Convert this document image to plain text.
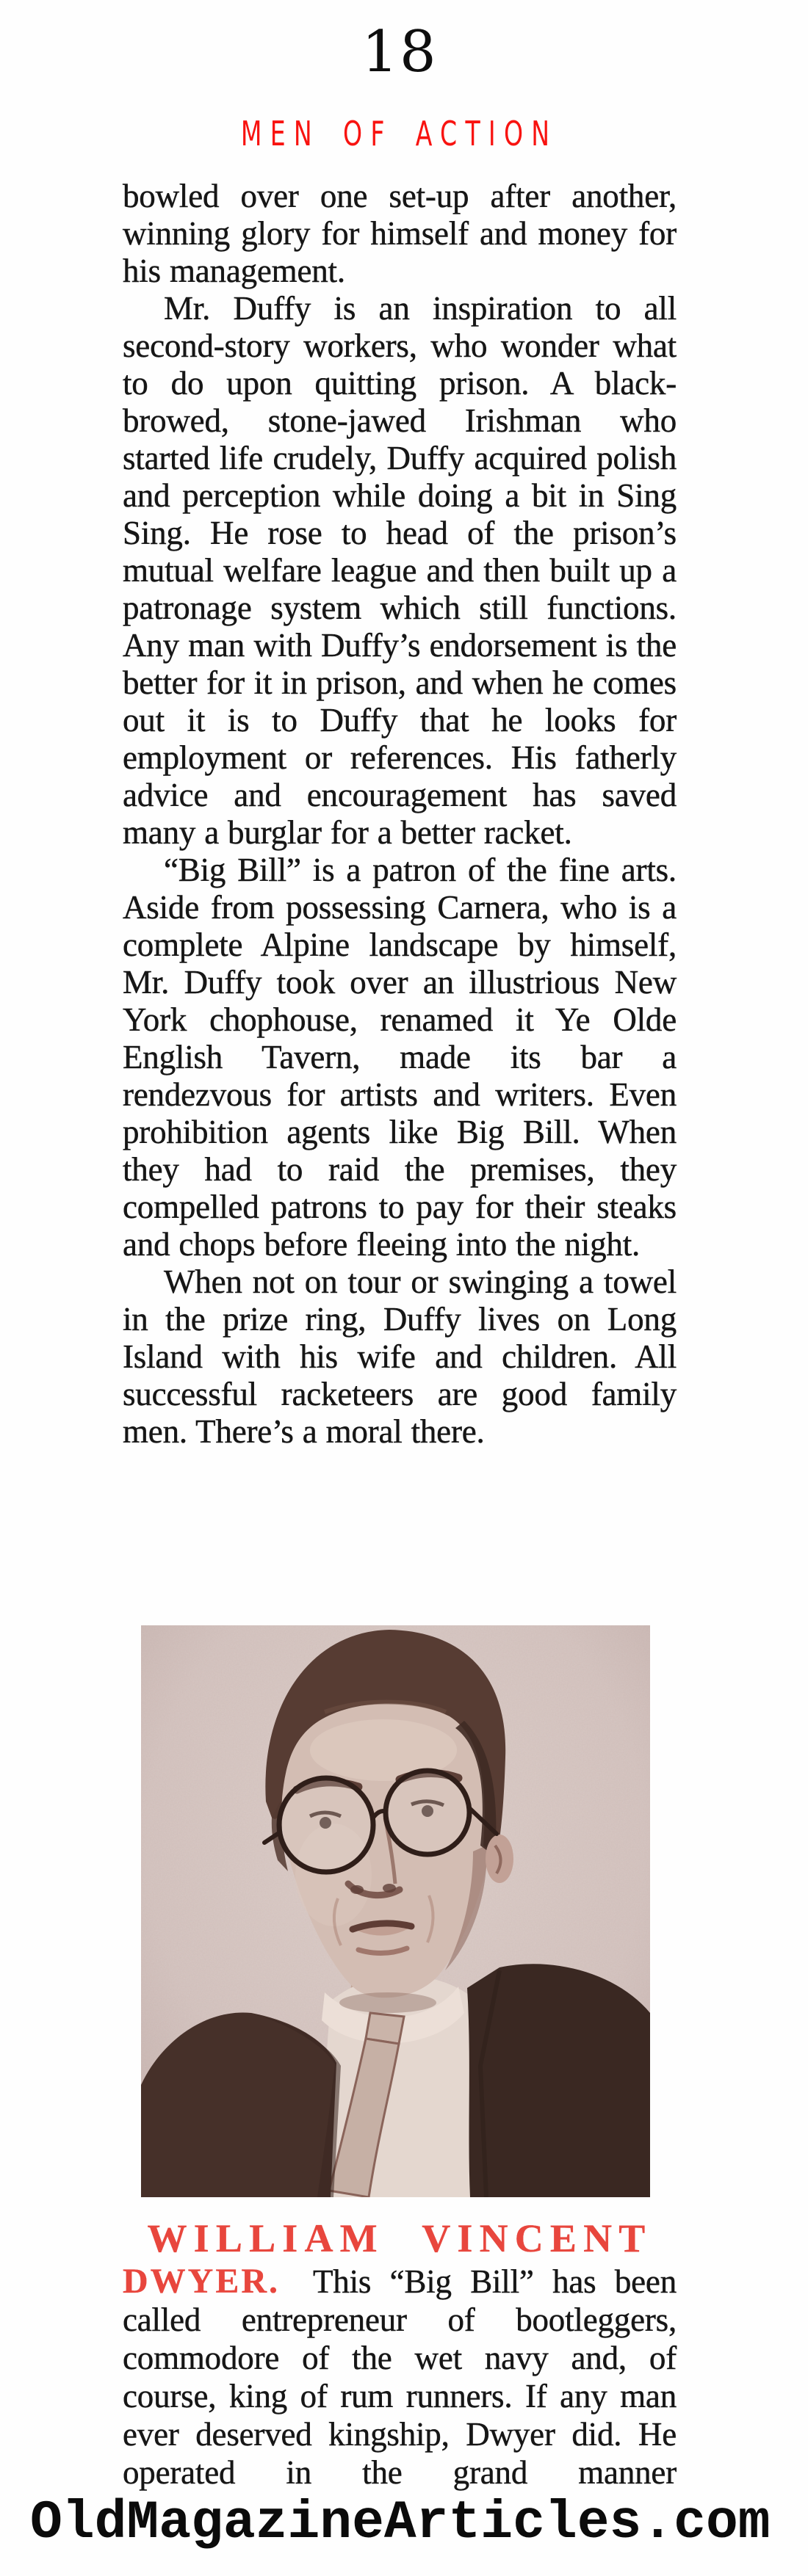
18
MEN OF ACTION

bowled over one set-up after another, winning glory for himself and money for his management.

Mr. Duffy is an inspiration to all second-story workers, who wonder what to do upon quitting prison. A black-browed, stone-jawed Irishman who started life crudely, Duffy acquired polish and perception while doing a bit in Sing Sing. He rose to head of the prison’s mutual welfare league and then built up a patronage system which still functions. Any man with Duffy’s endorsement is the better for it in prison, and when he comes out it is to Duffy that he looks for employment or references. His fatherly advice and encouragement has saved many a burglar for a better racket.

“Big Bill” is a patron of the fine arts. Aside from possessing Carnera, who is a complete Alpine landscape by himself, Mr. Duffy took over an illustrious New York chophouse, renamed it Ye Olde English Tavern, made its bar a rendezvous for artists and writers. Even prohibition agents like Big Bill. When they had to raid the premises, they compelled patrons to pay for their steaks and chops before fleeing into the night.

When not on tour or swinging a towel in the prize ring, Duffy lives on Long Island with his wife and children. All successful racketeers are good family men. There’s a moral there.

WILLIAM VINCENT

DWYER. This “Big Bill” has been called entrepreneur of bootleggers, commodore of the wet navy and, of course, king of rum runners. If any man ever deserved kingship, Dwyer did. He operated in the grand manner

OldMagazineArticles.com
